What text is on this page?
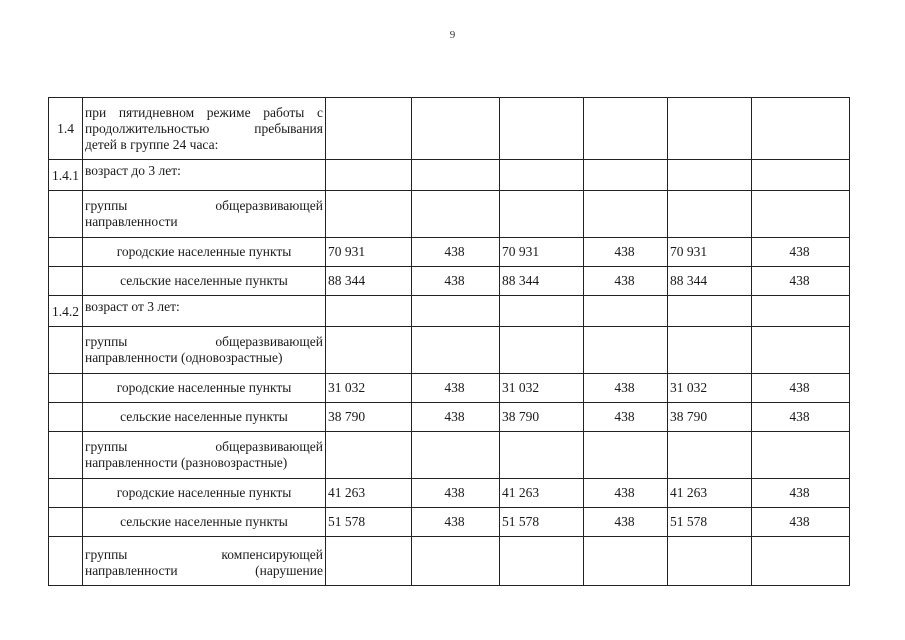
9
1.4	при пятидневном режиме работы с
продолжительностью пребывания
детей в группе 24 часа:						

1.4.1	возраст до 3 лет:						

	группы общеразвивающей
направленности						

	городские населенные пункты	70 931	438	70 931	438	70 931	438
	сельские населенные пункты	88 344	438	88 344	438	88 344	438
1.4.2	возраст от 3 лет:						

	группы общеразвивающей
направленности (одновозрастные)						

	городские населенные пункты	31 032	438	31 032	438	31 032	438
	сельские населенные пункты	38 790	438	38 790	438	38 790	438

	группы общеразвивающей
направленности (разновозрастные)						

	городские населенные пункты	41 263	438	41 263	438	41 263	438
	сельские населенные пункты	51 578	438	51 578	438	51 578	438

	группы компенсирующей
направленности (нарушение						
